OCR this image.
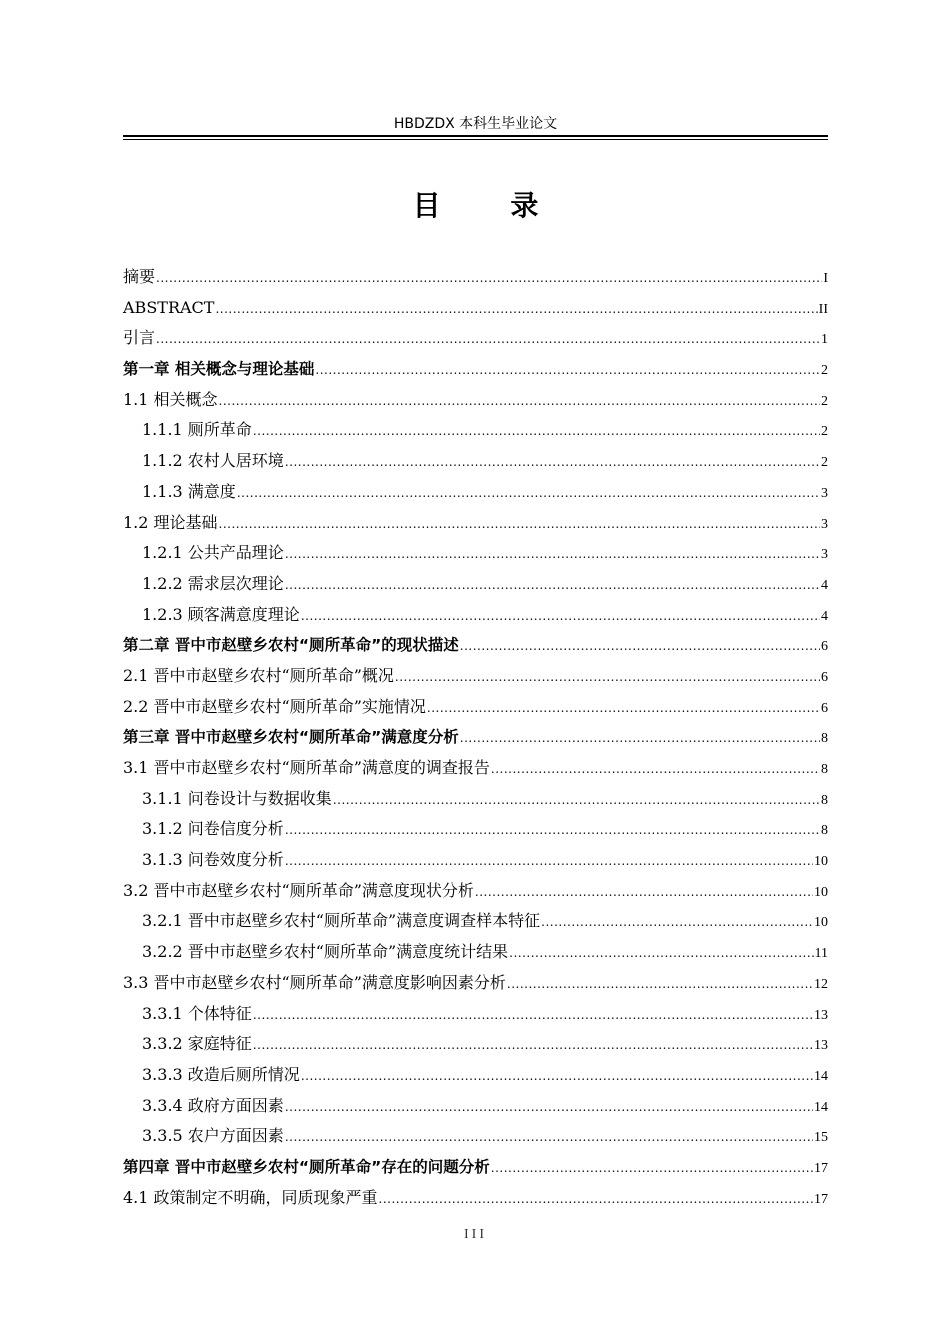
HBDZDX 本科生毕业论文
目 录
摘要 .....	I
ABSTRACT .....	II
引言 .....	1
第一章 相关概念与理论基础 .....	2
1.1 相关概念 .....	2
1.1.1 厕所革命 .....	2
1.1.2 农村人居环境 .....	2
1.1.3 满意度 .....	3
1.2 理论基础 .....	3
1.2.1 公共产品理论 .....	3
1.2.2 需求层次理论 .....	4
1.2.3 顾客满意度理论 .....	4
第二章 晋中市赵壁乡农村“厕所革命”的现状描述 .....	6
2.1 晋中市赵壁乡农村“厕所革命”概况 .....	6
2.2 晋中市赵壁乡农村“厕所革命”实施情况 .....	6
第三章 晋中市赵壁乡农村“厕所革命”满意度分析 .....	8
3.1 晋中市赵壁乡农村“厕所革命”满意度的调查报告 .....	8
3.1.1 问卷设计与数据收集 .....	8
3.1.2 问卷信度分析 .....	8
3.1.3 问卷效度分析 .....	10
3.2 晋中市赵壁乡农村“厕所革命”满意度现状分析 .....	10
3.2.1 晋中市赵壁乡农村“厕所革命”满意度调查样本特征 .....	10
3.2.2 晋中市赵壁乡农村“厕所革命”满意度统计结果 .....	11
3.3 晋中市赵壁乡农村“厕所革命”满意度影响因素分析 .....	12
3.3.1 个体特征 .....	13
3.3.2 家庭特征 .....	13
3.3.3 改造后厕所情况 .....	14
3.3.4 政府方面因素 .....	14
3.3.5 农户方面因素 .....	15
第四章 晋中市赵壁乡农村“厕所革命”存在的问题分析 .....	17
4.1 政策制定不明确，同质现象严重 .....	17
III
